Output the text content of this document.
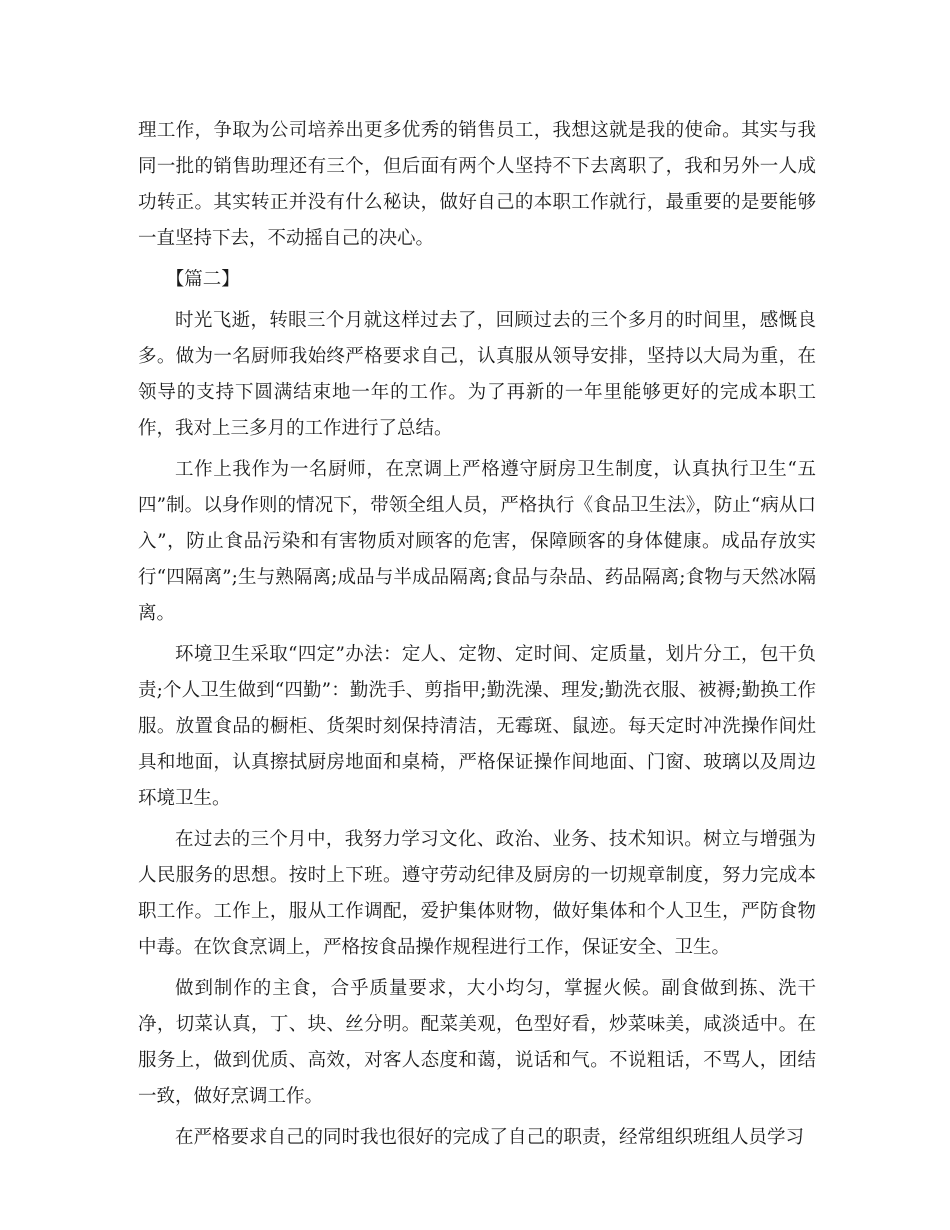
理工作，争取为公司培养出更多优秀的销售员工，我想这就是我的使命。其实与我同一批的销售助理还有三个，但后面有两个人坚持不下去离职了，我和另外一人成功转正。其实转正并没有什么秘诀，做好自己的本职工作就行，最重要的是要能够一直坚持下去，不动摇自己的决心。

【篇二】

时光飞逝，转眼三个月就这样过去了，回顾过去的三个多月的时间里，感慨良多。做为一名厨师我始终严格要求自己，认真服从领导安排，坚持以大局为重，在领导的支持下圆满结束地一年的工作。为了再新的一年里能够更好的完成本职工作，我对上三多月的工作进行了总结。

工作上我作为一名厨师，在烹调上严格遵守厨房卫生制度，认真执行卫生“五四”制。以身作则的情况下，带领全组人员，严格执行《食品卫生法》，防止“病从口入”，防止食品污染和有害物质对顾客的危害，保障顾客的身体健康。成品存放实行“四隔离”;生与熟隔离;成品与半成品隔离;食品与杂品、药品隔离;食物与天然冰隔离。

环境卫生采取“四定”办法：定人、定物、定时间、定质量，划片分工，包干负责;个人卫生做到“四勤”：勤洗手、剪指甲;勤洗澡、理发;勤洗衣服、被褥;勤换工作服。放置食品的橱柜、货架时刻保持清洁，无霉斑、鼠迹。每天定时冲洗操作间灶具和地面，认真擦拭厨房地面和桌椅，严格保证操作间地面、门窗、玻璃以及周边环境卫生。

在过去的三个月中，我努力学习文化、政治、业务、技术知识。树立与增强为人民服务的思想。按时上下班。遵守劳动纪律及厨房的一切规章制度，努力完成本职工作。工作上，服从工作调配，爱护集体财物，做好集体和个人卫生，严防食物中毒。在饮食烹调上，严格按食品操作规程进行工作，保证安全、卫生。

做到制作的主食，合乎质量要求，大小均匀，掌握火候。副食做到拣、洗干净，切菜认真，丁、块、丝分明。配菜美观，色型好看，炒菜味美，咸淡适中。在服务上，做到优质、高效，对客人态度和蔼，说话和气。不说粗话，不骂人，团结一致，做好烹调工作。

在严格要求自己的同时我也很好的完成了自己的职责，经常组织班组人员学习
